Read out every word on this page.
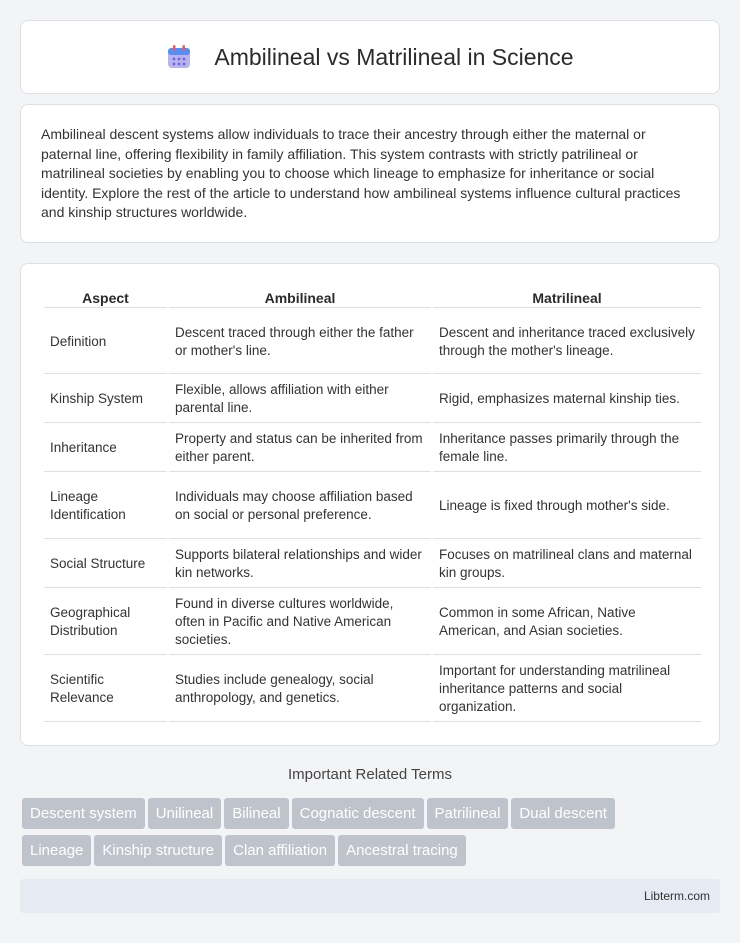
Ambilineal vs Matrilineal in Science

Ambilineal descent systems allow individuals to trace their ancestry through either the maternal or paternal line, offering flexibility in family affiliation. This system contrasts with strictly patrilineal or matrilineal societies by enabling you to choose which lineage to emphasize for inheritance or social identity. Explore the rest of the article to understand how ambilineal systems influence cultural practices and kinship structures worldwide.

Aspect	Ambilineal	Matrilineal
Definition	Descent traced through either the father or mother's line.	Descent and inheritance traced exclusively through the mother's lineage.
Kinship System	Flexible, allows affiliation with either parental line.	Rigid, emphasizes maternal kinship ties.
Inheritance	Property and status can be inherited from either parent.	Inheritance passes primarily through the female line.
Lineage Identification	Individuals may choose affiliation based on social or personal preference.	Lineage is fixed through mother's side.
Social Structure	Supports bilateral relationships and wider kin networks.	Focuses on matrilineal clans and maternal kin groups.
Geographical Distribution	Found in diverse cultures worldwide, often in Pacific and Native American societies.	Common in some African, Native American, and Asian societies.
Scientific Relevance	Studies include genealogy, social anthropology, and genetics.	Important for understanding matrilineal inheritance patterns and social organization.
Important Related Terms
Descent system Unilineal Bilineal Cognatic descent Patrilineal Dual descent
Lineage Kinship structure Clan affiliation Ancestral tracing
Libterm.com
